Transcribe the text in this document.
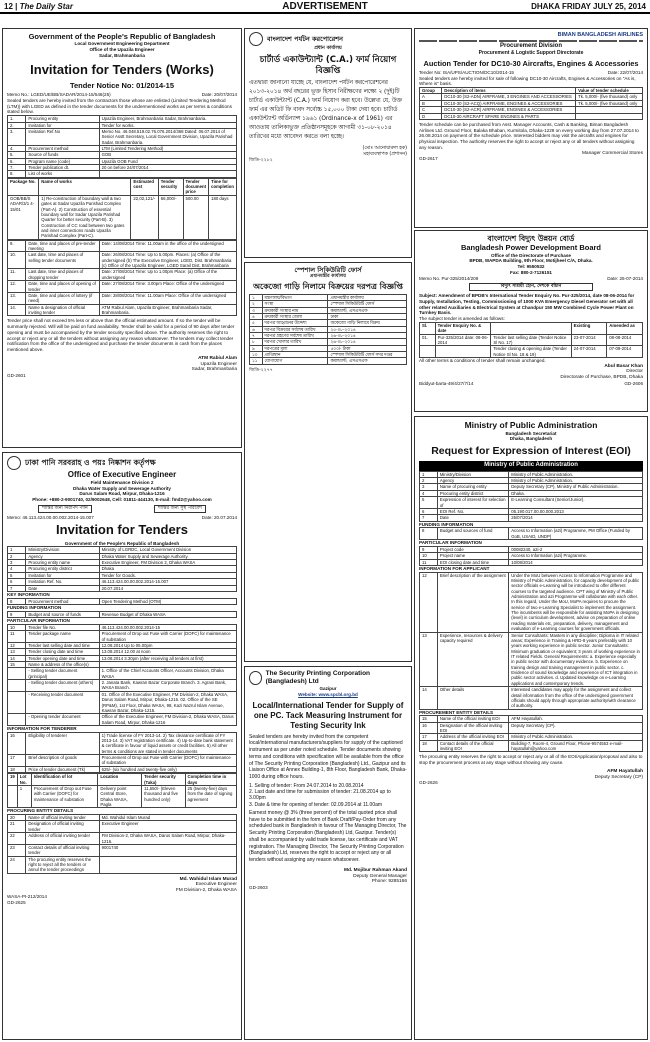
12 | The Daily Star	ADVERTISEMENT	DHAKA FRIDAY JULY 25, 2014
Government of the People's Republic of Bangladesh
Local Government Engineering Department
Office of the Upazila Engineer
Sadar, Brahmanbaria
Invitation for Tenders (Works)
Tender Notice No: 01/2014-15
Memo No.: LGED/UE/BB/SADAR/2014-15/546(25)	Date: 20/07/2014
Sealed tenders are hereby invited from the contractors those whose are enlisted (Limited Tendering Method (LTM)) with LGED as defined in the tender documents for the undermentioned works as per terms & conditions stated below.
1.	Procuring entity	Upazila Engineer, Brahmanbaria Sadar, Brahmanbaria.
2.	Invitation for	Tender for works.
3.	Invitation Ref.No	Memo No. 46.048.519.02.76.076.2014/368 Dated: 06.07.2014 of Senior Asstt Secretary, Local Government Division, Upazila Parishad Sadar, Brahmanbaria.
4.	Procurement method	LTM (Limited Tendering Method)
5.	Source of funds	GOB
6.	Program name (code)	Upazila GOB Fund
7.	Tender publication dt.	20 on before 24/07/2014
8.	List of works	
Package No.	Name of works	Estimated cost	Tender security	Tender document price	Time for completion
GOB/BB/S ADAR/3/1 4-15/01	1) Re-construction of boundary wall & two gates at Sadar Upazila Parishad Complex (Part-A). 2) Construction of essential boundary wall for Sadar Upazila Parishad Quarter for better security (Part-B). 3) Construction of CC road between two gates and inner connections roads Upazila Parishad Complex (Part-C).	22,02,121/-	66,000/-	500.00	180 days
9.	Date, time and places of pre-tender meeting	Date: 14/08/2014 Time: 11.00am in the office of the undersigned
10.	Last date, time and places of selling tender documents	Date: 26/08/2014 Time: Up to 5.00pm. Places: (a) Office of the undersigned (b) The Executive Engineer, LGED, Dist. Brahmanbaria (c) Office of the Upazila Engineer, LGED Sarail Dist. Brahmanbaria
11.	Last date, time and places of dropping tender	Date: 27/08/2014 Time: Up to 1.00pm Place: (a) Office of the undersigned
12.	Date, time and places of opening of tender	Date: 27/08/2014 Time: 3.00pm Place: Office of the undersigned
13.	Date, time and places of lottery (if need)	Date: 28/08/2014 Time: 11.00am Place: Office of the undersigned
14.	Name & designation of official inviting tender	ATM Rabiul Alam, Upazila Engineer, Brahmanbaria Sadar, Brahmanbaria.
Tender price shall not exceed 5% less or above than the official estimated amount. If so the tender will be summarily rejected. Will will be paid on fund availability. Tender shall be valid for a period of 90 days after tender opening and must be accompanied by the tender security specified above. The authority reserves the right to accept or reject any or all the tenders without assigning any reason whatsoever. The tenders may collect tender notification from the office of the undersigned and purchase the tender documents in cash from the places mentioned above.
ATM Rabiul Alam
Upazila Engineer
Sadar, Brahmanbaria
GD-2601
বাংলাদেশ পর্যটন করপোরেশন
প্রধান কার্যালয়
চার্টার্ড একাউন্ট্যান্ট (C.A.) ফার্ম নিয়োগ বিজ্ঞপ্তি
এতদ্বারা জানানো যাচ্ছে যে, বাংলাদেশ পর্যটন করপোরেশনের ২০১৩-২০১৪ অর্থ বছরের ভূক্ত হিসাব নিরীক্ষণের লক্ষ্যে ২ (দুই)টি চার্টার্ড একাউন্ট্যান্ট (C.A.) ফার্ম নিয়োগ করা হবে। উল্লেখ্য যে, উক্ত ফার্ম এর অডিট ফি বাবদ সর্বোচ্চ ১৫,০০০ টাকা দেয়া হবে। চার্টার্ড একাউন্ট্যান্ট অর্ডিন্যান্স ১৯৬১ (Ordinance-x of 1961) এর আওতায় তালিকাভুক্ত প্রতিষ্ঠানসমূহকে আগামী ৩১-০৮-২০১৪ তারিখের মধ্যে আবেদন করতে বলা হচ্ছে।
(মোঃ আনোয়ারুল হক)
মহাব্যবস্থাপক (প্রশাসন)
জিডি-২২৮২
BIMAN BANGLADESH AIRLINES
Procurement Division
Procurement & Logistic Support Directorate
Auction Tender for DC10-30 Aircrafts, Engines & Accessories
Tender No: ISA/UPS/AUCTION/DC10/2014-15	Date: 22/07/2014
Sealed tenders are hereby invited for sale of following DC10-30 Aircrafts, Engines & Accessories on "As is, Where is" basis.
Group	Description of items	Value of tender schedule
A	DC10-30 (S2-ADN) AIRFRAME, 3 ENGINES AND ACCESSORIES	Tk. 5,000/- (five thousand) only
B	DC10-30 (S2-ACQ) AIRFRAME, ENGINES & ACCESSORIES	Tk. 5,000/- (five thousand) only
C	DC10-30 (S2-ACR) AIRFRAME, ENGINES & ACCESSORIES	
D	DC10-30 AIRCRAFT SPARE ENGINES & PARTS	
Tender schedule can be purchased from Asst. Manager Accounts, Cash & Banking, Biman Bangladesh Airlines Ltd. Ground Floor, Balaka Bhaban, Kurmitola, Dhaka-1229 on every working day from 27.07.2014 to 26.08.2014 on payment of the schedule price. Interested bidders may visit the aircrafts and engines for physical inspection. The authority reserves the right to accept or reject any or all tenders without assigning any reason.
Manager Commercial Stores
GD-2617
বাংলাদেশ বিদ্যুৎ উন্নয়ন বোর্ড
Bangladesh Power Development Board
Office of the Directorate of Purchase
BPDB, WAPDA Building, 9th Floor, Motijheel C/A, Dhaka.
Tel: 9550532
Fax: 880-2-7126151
Memo No. Pur-325/2014/209	Date: 25-07-2014
বিদ্যুৎ সাশ্রয়ী হোন, দেশকে বাঁচান
Subject: Amendment of BPDB's International Tender Enquiry No. Pur-325/2014, date 08-06-2014 for Supply, Installation, Testing, Commissioning of 1000 KVA Emergency Diesel Generator set with all other related Auxiliaries & Electrical System at Chandpur 150 MW Combined Cycle Power Plant on Turnkey Basis.
The subject tender is amended as follows:
Sl.	Tender Enquiry No. & date		Existing	Amended as
01.	Pur-325/2014 date: 08-06-2014	Tender last selling date (Tender Notice Sl No. 17)	23-07-2014	08-08-2014
		Tender closing & opening date (Tender Notice Sl No. 18 & 19)	24-07-2014	07-09-2014
All other terms & conditions of tender shall remain unchanged.
Abul Basar Khan
Director
Directorate of Purchase, BPDB, Dhaka
Biddyut-barta-49/4/27/7/14	GD-2606
স্পেশাল সিকিউরিটি ফোর্স
প্রধানমন্ত্রীর কার্যালয়
অকেজো গাড়ি নিলামে বিক্রয়ের দরপত্র বিজ্ঞপ্তি
১	মন্ত্রণালয়/বিভাগ	প্রধানমন্ত্রীর কার্যালয়
২	সংস্থা	স্পেশাল সিকিউরিটি ফোর্স
৩	ক্রয়কারী সংস্থার নাম	কমান্ড্যান্ট, এসএসএফ
৪	ক্রয়কারী সংস্থার জেলা	ঢাকা
৫	দরপত্র আহ্বানের উদ্দেশ্য	অকেজো গাড়ি নিলামে বিক্রয়
৬	দরপত্র বিক্রয়ের সর্বশেষ তারিখ	২৫-০৮-২০১৪
৭	দরপত্র গ্রহণের সর্বশেষ তারিখ	২৬-০৮-২০১৪
৮	দরপত্র খোলার তারিখ	২৬-০৮-২০১৪
৯	দরপত্রের মূল্য	৫০০/- টাকা
১০	প্রাপ্তিস্থান	স্পেশাল সিকিউরিটি ফোর্স সদর দপ্তর
১১	যোগাযোগ	কমান্ড্যান্ট, এসএসএফ
জিডি-২২৭৭
ঢাকা পানি সরবরাহ ও পয়ঃ নিষ্কাশন কর্তৃপক্ষ
Office of Executive Engineer
Field Maintenance Division 2
Dhaka Water Supply and Sewerage Authority
Darus Salam Road, Mirpur, Dhaka-1216
Phone: +880-2-9001740, 02/9002648, Cell: 01811-444130, E-mail: fmd2@yahoo.com
শান্তির জন্য নিরাপদ পানি	শান্তির জন্য সুস্থ পরিবেশ
Memo: 46.113.424.00.00.002.2014-15.007	Date: 20.07.2014
Invitation for Tenders
Government of the People's Republic of Bangladesh
1	Ministry/Division	Ministry of LGRDC, Local Government Division
2	Agency	Dhaka Water Supply and Sewerage Authority.
3	Procuring entity name	Executive Engineer, FM Division 2, Dhaka WASA
4	Procuring entity district	Dhaka
5	Invitation for	Tender for Goods.
6	Invitation Ref. No.	46.113.424.00.00.002.2014-15.007
7	Date	20.07.2014
KEY INFORMATION
8	Procurement method	Open Tendering Method (OTM)
FUNDING INFORMATION
9	Budget and source of funds	Revenue Budget of Dhaka WASA
PARTICULAR INFORMATION
10	Tender file No.	46.113.424.00.00.002.2014-15
11	Tender package name	Procurement of Drop out Fuse with Carrier (DOFC) for maintenance of substation
12	Tender last selling date and time	12.08.2014 Up to 05.00pm
13	Tender closing date and time	13.08.2014 12.00 at noon
14	Tender opening date and time	13.08.2014 3.30pm (after receiving all tenders at first)
15	Name & address of the office(s)	
	- Selling tender document (principal)	1. Office of the Chief Accounts Officer, Accounts Division, Dhaka WASA
	- Selling tender document (others)	2. Janata Bank, Kawran Bazar Corporate Branch. 3. Agrani Bank, WASA Branch.
	- Receiving tender document	01. Office of the Executive Engineer, FM Division-2, Dhaka WASA, Darus Salam Road, Mirpur, Dhaka-1216. 02. Office of the SE (RP&M), 1st Floor, Dhaka WASA, 98, Kazi Nazrul Islam Avenue, Kawran Bazar, Dhaka-1215.
	- Opening tender document	Office of the Executive Engineer, FM Division-2, Dhaka WASA, Darus Salam Road, Mirpur, Dhaka-1216
INFORMATION FOR TENDERER
16	Eligibility of tenderer	1) Trade license of FY 2013-14. 2) Tax clearance certificate of FY 2013-14. 3) VAT registration certificate. 4) Up-to-date bank statement & certificate in favour of liquid assets or credit facilities. 5) All other terms & conditions are stated in tender documents
17	Brief description of goods	Procurement of Drop out Fuse with Carrier (DOFC) for maintenance of substation
18	Price of tender document (Tk)	625/- (six hundred and twenty-five only)
19	Lot No.	Identification of lot	Location	Tender security (Taka)	Completion time in days
	1	Procurement of Drop out Fuse with Carrier (DOFC) for maintenance of substation	Delivery point Central Store, Dhaka WASA, Pagla	11,550/- (Eleven thousand and five hundred only)	25 (twenty-five) days from the date of signing agreement
PROCURING ENTITY DETAILS
20	Name of official inviting tender	Md. Wahidul Islam Murad
21	Designation of official inviting tender	Executive Engineer
22	Address of official inviting tender	FM Division-2, Dhaka WASA, Darus Salam Road, Mirpur, Dhaka-1216.
23	Contact details of official inviting tender	9001740
24	The procuring entity reserves the right to reject all the tenders or annul the tender proceedings	
Md. Wahidul Islam Murad
Executive Engineer
FM Division-2, Dhaka WASA
WASA-PI-212/2014
GD-2625
The Security Printing Corporation (Bangladesh) Ltd
Gazipur
Website: www.spcbl.org.bd
Local/International Tender for Supply of one PC. Tack Measuring Instrument for Testing Security Ink
Sealed tenders are hereby invited from the competent local/international manufacturers/suppliers for supply of the captioned instrument as per under noted schedule. Tender documents showing terms and conditions with specification will be available from the office of The Security Printing Corporation (Bangladesh) Ltd., Gazipur and its Liaison Office at Annex Building-1, 8th Floor, Bangladesh Bank, Dhaka-1000 during office hours.
1. Selling of tender: From 24.07.2014 to 20.08.2014
2. Last date and time for submission of tender: 21.08.2014 up to 3.00pm
3. Date & time for opening of tender: 02.09.2014 at 11.00am
Earnest money @ 3% (three percent) of the total quoted price shall have to be submitted in the form of Bank Draft/Pay-Order from any scheduled bank in Bangladesh in favour of The Managing Director, The Security Printing Corporation (Bangladesh) Ltd, Gazipur. Tender(s) shall be accompanied by valid trade license, tax certificate and VAT registration. The Managing Director, The Security Printing Corporation (Bangladesh) Ltd, reserves the right to accept or reject any or all tenders without assigning any reason whatsoever.
Md. Mojibur Rahman Akand
Deputy General Manager
Phone: 9285166
GD-2603
Ministry of Public Administration
Bangladesh Secretariat
Dhaka, Bangladesh
Request for Expression of Interest (EOI)
Ministry of Public Administration
1	Ministry/Division	Ministry of Public Administration.
2	Agency	Ministry of Public Administration.
3	Name of procuring entity	Deputy Secretary (CP), Ministry of Public Administration.
4	Procuring entity district	Dhaka.
5	Expression of interest for selection of	E-Learning Consultant (Senior/Junior).
6	EOI Ref. No.	05.190.017.00.00.000.2013
7	Date	25/07/2014
FUNDING INFORMATION
8	Budget and sources of fund	Access to Information (a2i) Programme, PM Office (Funded by GoB, USAID, UNDP)
PARTICULAR INFORMATION
9	Project code	00082240, a2i-2
10	Project name	Access to Information (a2i) Programme.
11	EOI closing date and time	10/08/2014
INFORMATION FOR APPLICANT
12	Brief description of the assignment	Under the MoU between Access to Information Programme and Ministry of Public Administration, for capacity development of public sector officials e-Learning will be introduced to offer different courses to the targeted audience. CPT wing of Ministry of Public Administration and a2i Programme will collaborate with each other. In this regard, Under the MoU, MoPA requires to procure the service of two e-Learning Specialist to implement the assignment. The incumbents will be responsible for assisting MoPA in designing (level) in curriculum development, advise on preparation of online reading materials etc, preparation, delivery, management and evaluation of e-Learning courses for government officials.
13	Experience, resources & delivery capacity required	Senior Consultants: Masters in any discipline; Diploma in IT related areas; Experience in Training & HRD-8 years preferably with 10 years working experience in public sector. Junior Consultants: Minimum graduation or equivalent; 3 years of working experience in IT related Fields. General Requirements: a. Experience especially in public sector with documentary evidence. b. Experience on training design and training management in public sector. c. Evidence of sound knowledge and experience of ICT integration in public sector activities. d. Updated knowledge on e-Learning applications and contemporary trends.
14	Other details	Interested candidates may apply for the assignment and collect detail information from the office of the undersigned government officials should apply through appropriate authority/with clearance of authority.
PROCUREMENT ENTITY DETAILS
15	Name of the official inviting EOI	AFM Hayatullah.
16	Designation of the official inviting EOI	Deputy Secretary (CP).
17	Address of the official inviting EOI	Ministry of Public Administration.
18	Contact details of the official inviting EOI	Building-7, Room-4, Ground Floor, Phone-9574553 e-mail-hayatullah@yahoo.com
The procuring entity reserves the right to accept or reject any or all of the EOI/Application/proposal and also to stop the procurement process at any stage without showing any cause.
AFM Hayatullah
Deputy Secretary (CP)
GD-2626
